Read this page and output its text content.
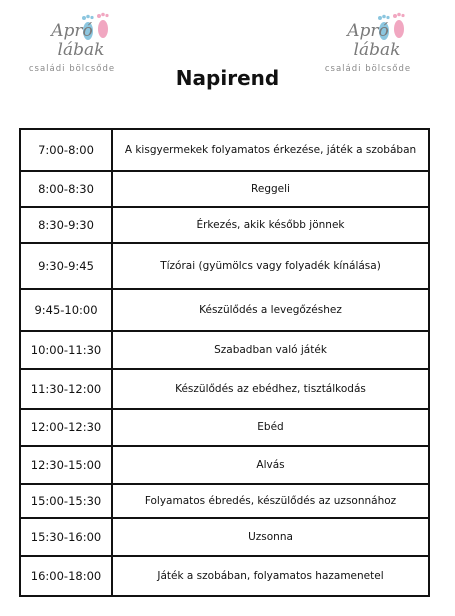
Apró
lábak
családi bölcsőde
Apró
lábak
családi bölcsőde
Napirend
7:00-8:00	A kisgyermekek folyamatos érkezése, játék a szobában
8:00-8:30	Reggeli
8:30-9:30	Érkezés, akik később jönnek
9:30-9:45	Tízórai (gyümölcs vagy folyadék kínálása)
9:45-10:00	Készülődés a levegőzéshez
10:00-11:30	Szabadban való játék
11:30-12:00	Készülődés az ebédhez, tisztálkodás
12:00-12:30	Ebéd
12:30-15:00	Alvás
15:00-15:30	Folyamatos ébredés, készülődés az uzsonnához
15:30-16:00	Uzsonna
16:00-18:00	Játék a szobában, folyamatos hazamenetel
